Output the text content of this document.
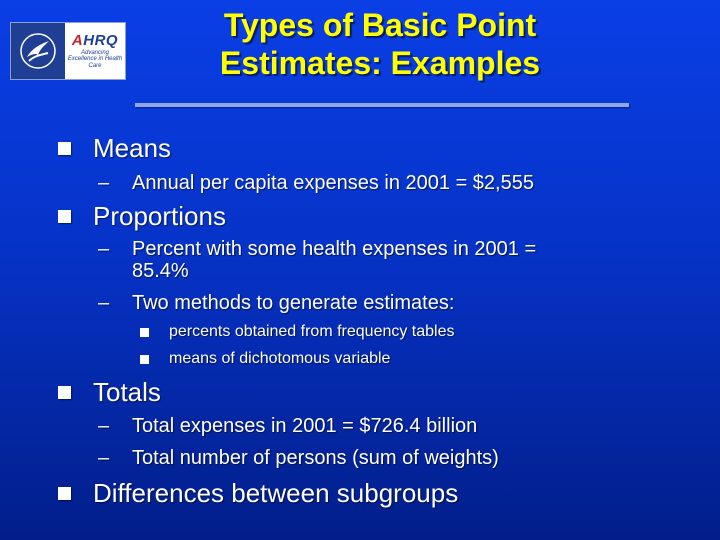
AHRQ
Advancing Excellence in Health Care
Types of Basic Point
Estimates: Examples
Means
– Annual per capita expenses in 2001 = $2,555
Proportions
– Percent with some health expenses in 2001 =
85.4%
– Two methods to generate estimates:
percents obtained from frequency tables
means of dichotomous variable
Totals
– Total expenses in 2001 = $726.4 billion
– Total number of persons (sum of weights)
Differences between subgroups
